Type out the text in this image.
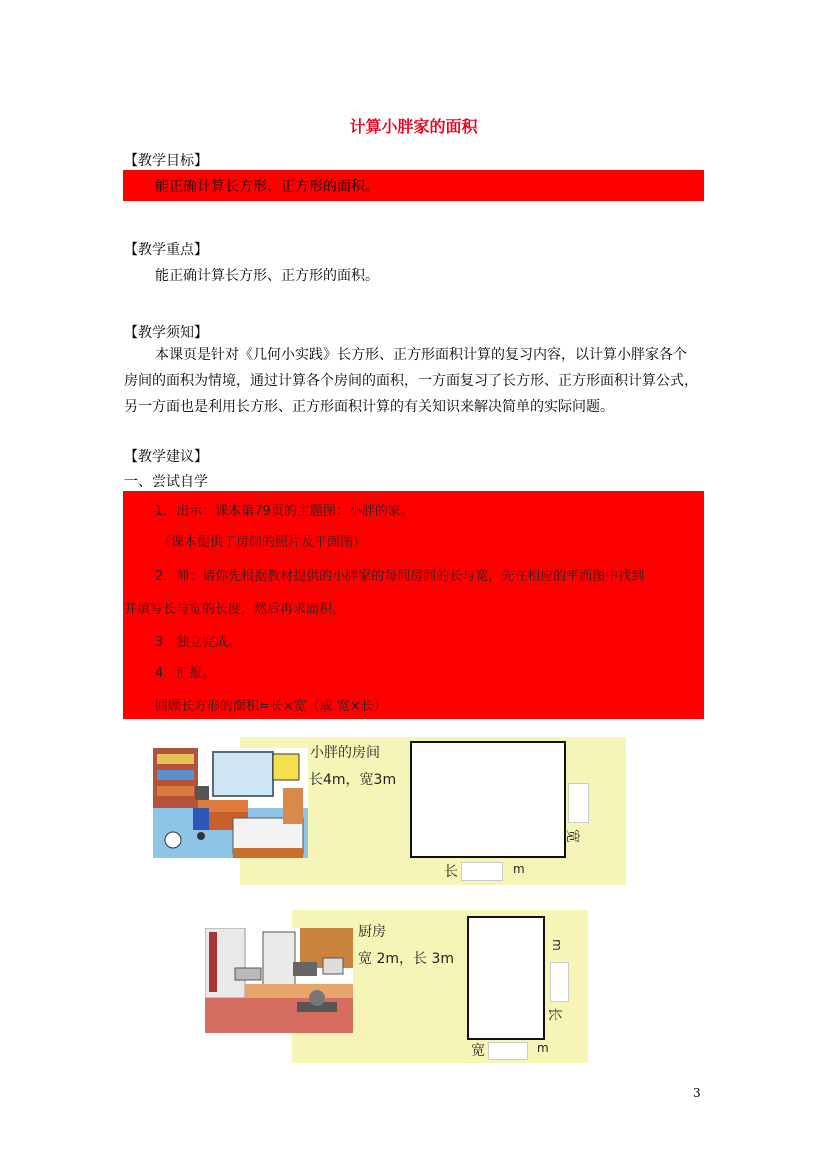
计算小胖家的面积
【教学目标】
能正确计算长方形、正方形的面积。
【教学重点】
能正确计算长方形、正方形的面积。
【教学须知】

本课页是针对《几何小实践》长方形、正方形面积计算的复习内容，以计算小胖家各个

房间的面积为情境，通过计算各个房间的面积，一方面复习了长方形、正方形面积计算公式，

另一方面也是利用长方形、正方形面积计算的有关知识来解决简单的实际问题。

【教学建议】
一、尝试自学
1．出示：课本第79页的主题图：小胖的家。
（课本提供了房间的照片及平面图）
2．师：请你先根据教材提供的小胖家的每间房间的长与宽，先在相应的平面图中找到
并填写长与宽的长度，然后再求面积。
3．独立完成。
4．汇报。
回顾长方形的面积=长×宽（或 宽×长）
小胖的房间
长4m，宽3m
宽
长	m
厨房
宽 2m，长 3m
m
长
宽	m
3
